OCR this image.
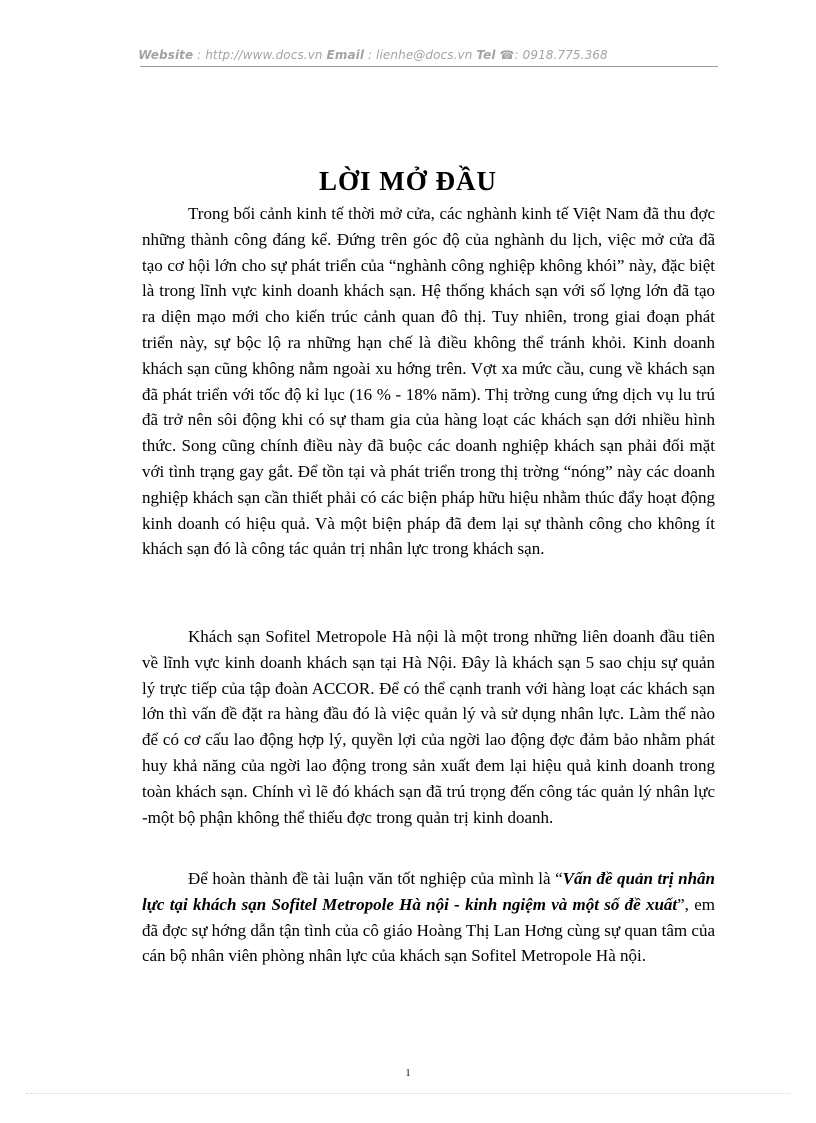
Website : http://www.docs.vn Email : lienhe@docs.vn Tel ☎: 0918.775.368
LỜI MỞ ĐẦU

Trong bối cảnh kinh tế thời mở cửa, các nghành kinh tế Việt Nam đã thu đợc những thành công đáng kể. Đứng trên góc độ của nghành du lịch, việc mở cửa đã tạo cơ hội lớn cho sự phát triển của “nghành công nghiệp không khói” này, đặc biệt là trong lĩnh vực kinh doanh khách sạn. Hệ thống khách sạn với số lợng lớn đã tạo ra diện mạo mới cho kiến trúc cảnh quan đô thị. Tuy nhiên, trong giai đoạn phát triển này, sự bộc lộ ra những hạn chế là điều không thể tránh khỏi. Kinh doanh khách sạn cũng không nằm ngoài xu hớng trên. Vợt xa mức cầu, cung về khách sạn đã phát triển với tốc độ kỉ lục (16 % - 18% năm). Thị trờng cung ứng dịch vụ lu trú đã trở nên sôi động khi có sự tham gia của hàng loạt các khách sạn dới nhiều hình thức. Song cũng chính điều này đã buộc các doanh nghiệp khách sạn phải đối mặt với tình trạng gay gắt. Để tồn tại và phát triển trong thị trờng “nóng” này các doanh nghiệp khách sạn cần thiết phải có các biện pháp hữu hiệu nhằm thúc đẩy hoạt động kinh doanh có hiệu quả. Và một biện pháp đã đem lại sự thành công cho không ít khách sạn đó là công tác quản trị nhân lực trong khách sạn.

Khách sạn Sofitel Metropole Hà nội là một trong những liên doanh đầu tiên về lĩnh vực kinh doanh khách sạn tại Hà Nội. Đây là khách sạn 5 sao chịu sự quản lý trực tiếp của tập đoàn ACCOR. Để có thể cạnh tranh với hàng loạt các khách sạn lớn thì vấn đề đặt ra hàng đầu đó là việc quản lý và sử dụng nhân lực. Làm thế nào để có cơ cấu lao động hợp lý, quyền lợi của ngời lao động đợc đảm bảo nhằm phát huy khả năng của ngời lao động trong sản xuất đem lại hiệu quả kinh doanh trong toàn khách sạn. Chính vì lẽ đó khách sạn đã trú trọng đến công tác quản lý nhân lực -một bộ phận không thể thiếu đợc trong quản trị kinh doanh.

Để hoàn thành đề tài luận văn tốt nghiệp của mình là “Vấn đề quản trị nhân lực tại khách sạn Sofitel Metropole Hà nội - kinh ngiệm và một số đề xuất”, em đã đợc sự hớng dẫn tận tình của cô giáo Hoàng Thị Lan Hơng cùng sự quan tâm của cán bộ nhân viên phòng nhân lực của khách sạn Sofitel Metropole Hà nội.

1
